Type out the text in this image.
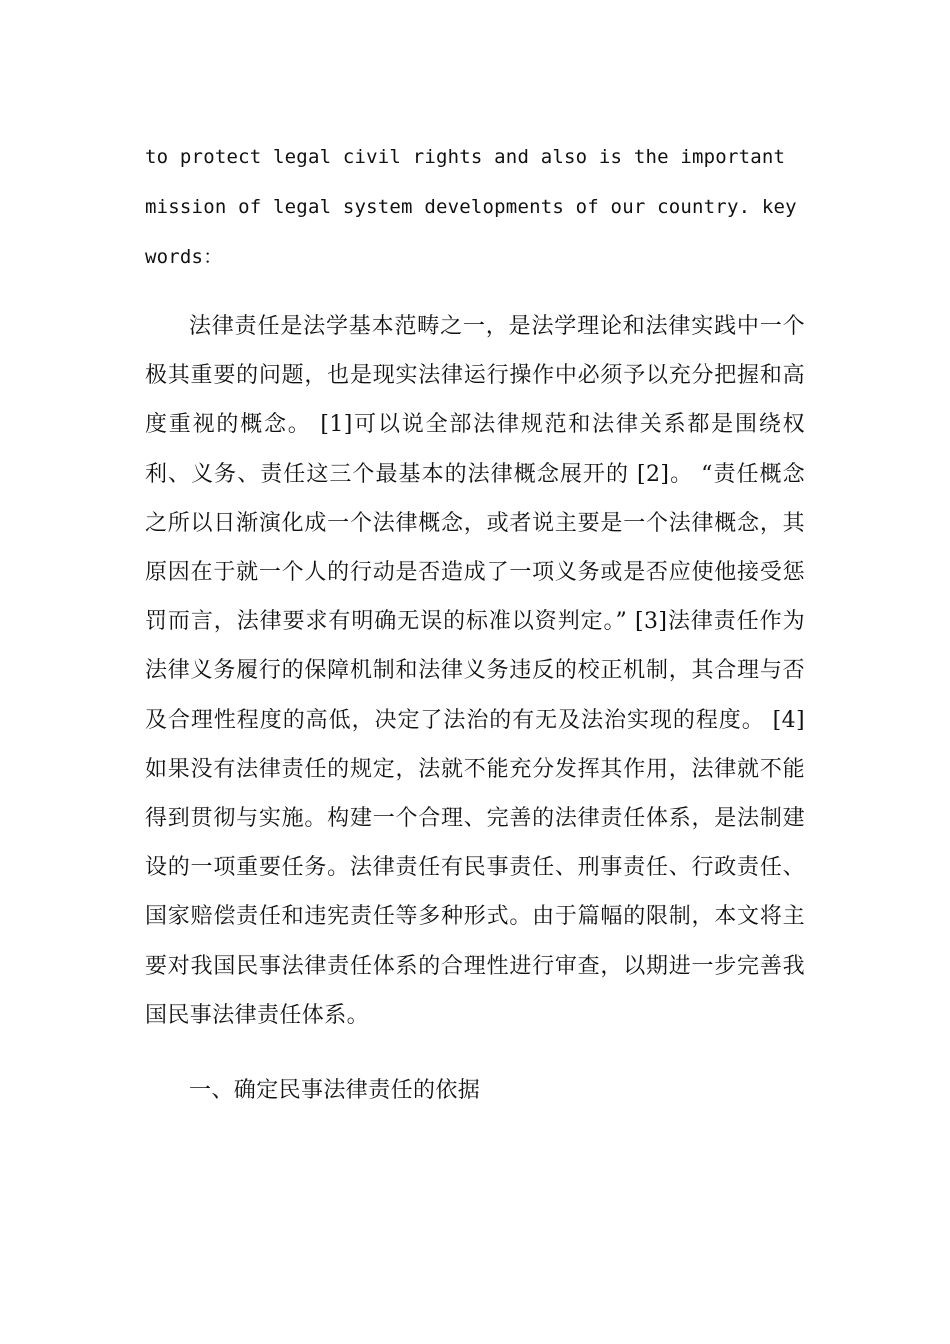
to protect legal civil rights and also is the important
mission of legal system developments of our country. key
words：

法律责任是法学基本范畴之一，是法学理论和法律实践中一个极其重要的问题，也是现实法律运行操作中必须予以充分把握和高度重视的概念。 [1]可以说全部法律规范和法律关系都是围绕权利、义务、责任这三个最基本的法律概念展开的 [2]。 “责任概念之所以日渐演化成一个法律概念，或者说主要是一个法律概念，其原因在于就一个人的行动是否造成了一项义务或是否应使他接受惩罚而言，法律要求有明确无误的标准以资判定。” [3]法律责任作为法律义务履行的保障机制和法律义务违反的校正机制，其合理与否及合理性程度的高低，决定了法治的有无及法治实现的程度。 [4]如果没有法律责任的规定，法就不能充分发挥其作用，法律就不能得到贯彻与实施。构建一个合理、完善的法律责任体系，是法制建设的一项重要任务。法律责任有民事责任、刑事责任、行政责任、国家赔偿责任和违宪责任等多种形式。由于篇幅的限制，本文将主要对我国民事法律责任体系的合理性进行审查，以期进一步完善我国民事法律责任体系。

一、确定民事法律责任的依据
